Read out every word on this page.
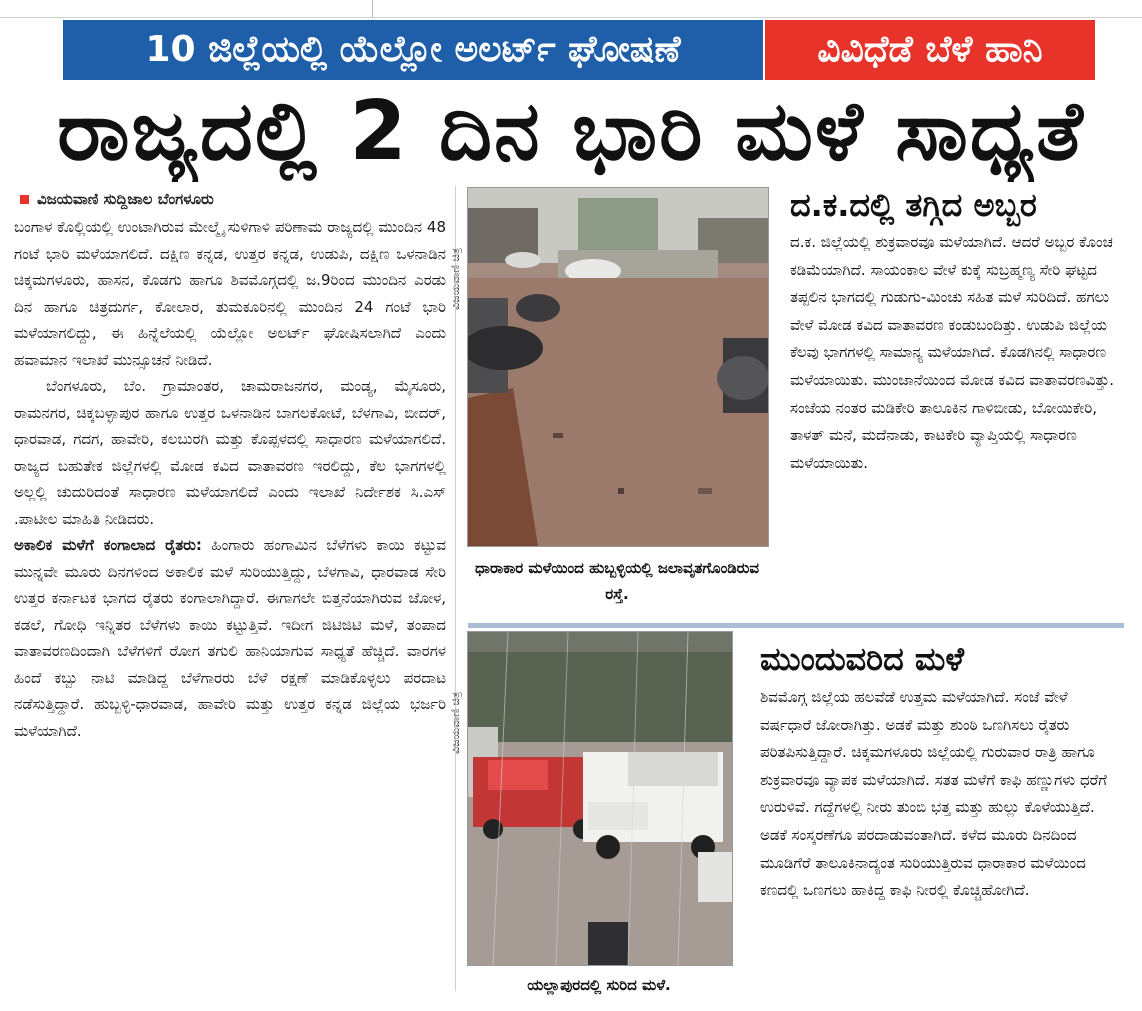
10 ಜಿಲ್ಲೆಯಲ್ಲಿ ಯೆಲ್ಲೋ ಅಲರ್ಟ್ ಘೋಷಣೆ	ವಿವಿಧೆಡೆ ಬೆಳೆ ಹಾನಿ
ರಾಜ್ಯದಲ್ಲಿ 2 ದಿನ ಭಾರಿ ಮಳೆ ಸಾಧ್ಯತೆ
ವಿಜಯವಾಣಿ ಸುದ್ದಿಜಾಲ ಬೆಂಗಳೂರು

ಬಂಗಾಳ ಕೊಲ್ಲಿಯಲ್ಲಿ ಉಂಟಾಗಿರುವ ಮೇಲ್ಮೈ ಸುಳಿಗಾಳಿ ಪರಿಣಾಮ ರಾಜ್ಯದಲ್ಲಿ ಮುಂದಿನ 48 ಗಂಟೆ ಭಾರಿ ಮಳೆಯಾಗಲಿದೆ. ದಕ್ಷಿಣ ಕನ್ನಡ, ಉತ್ತರ ಕನ್ನಡ, ಉಡುಪಿ, ದಕ್ಷಿಣ ಒಳನಾಡಿನ ಚಿಕ್ಕಮಗಳೂರು, ಹಾಸನ, ಕೊಡಗು ಹಾಗೂ ಶಿವಮೊಗ್ಗದಲ್ಲಿ ಜ.9ರಿಂದ ಮುಂದಿನ ಎರಡು ದಿನ ಹಾಗೂ ಚಿತ್ರದುರ್ಗ, ಕೋಲಾರ, ತುಮಕೂರಿನಲ್ಲಿ ಮುಂದಿನ 24 ಗಂಟೆ ಭಾರಿ ಮಳೆಯಾಗಲಿದ್ದು, ಈ ಹಿನ್ನೆಲೆಯಲ್ಲಿ ಯೆಲ್ಲೋ ಅಲರ್ಟ್ ಘೋಷಿಸಲಾಗಿದೆ ಎಂದು ಹವಾಮಾನ ಇಲಾಖೆ ಮುನ್ಸೂಚನೆ ನೀಡಿದೆ.

ಬೆಂಗಳೂರು, ಬೆಂ. ಗ್ರಾಮಾಂತರ, ಚಾಮರಾಜನಗರ, ಮಂಡ್ಯ, ಮೈಸೂರು, ರಾಮನಗರ, ಚಿಕ್ಕಬಳ್ಳಾಪುರ ಹಾಗೂ ಉತ್ತರ ಒಳನಾಡಿನ ಬಾಗಲಕೋಟೆ, ಬೆಳಗಾವಿ, ಬೀದರ್, ಧಾರವಾಡ, ಗದಗ, ಹಾವೇರಿ, ಕಲಬುರಗಿ ಮತ್ತು ಕೊಪ್ಪಳದಲ್ಲಿ ಸಾಧಾರಣ ಮಳೆಯಾಗಲಿದೆ. ರಾಜ್ಯದ ಬಹುತೇಕ ಜಿಲ್ಲೆಗಳಲ್ಲಿ ಮೋಡ ಕವಿದ ವಾತಾವರಣ ಇರಲಿದ್ದು, ಕೆಲ ಭಾಗಗಳಲ್ಲಿ ಅಲ್ಲಲ್ಲಿ ಚುದುರಿದಂತೆ ಸಾಧಾರಣ ಮಳೆಯಾಗಲಿದೆ ಎಂದು ಇಲಾಖೆ ನಿರ್ದೇಶಕ ಸಿ.ಎಸ್ .ಪಾಟೀಲ ಮಾಹಿತಿ ನೀಡಿದರು.

ಅಕಾಲಿಕ ಮಳೆಗೆ ಕಂಗಾಲಾದ ರೈತರು: ಹಿಂಗಾರು ಹಂಗಾಮಿನ ಬೆಳೆಗಳು ಕಾಯಿ ಕಟ್ಟುವ ಮುನ್ನವೇ ಮೂರು ದಿನಗಳಿಂದ ಅಕಾಲಿಕ ಮಳೆ ಸುರಿಯುತ್ತಿದ್ದು, ಬೆಳಗಾವಿ, ಧಾರವಾಡ ಸೇರಿ ಉತ್ತರ ಕರ್ನಾಟಕ ಭಾಗದ ರೈತರು ಕಂಗಾಲಾಗಿದ್ದಾರೆ. ಈಗಾಗಲೇ ಬಿತ್ತನೆಯಾಗಿರುವ ಜೋಳ, ಕಡಲೆ, ಗೋಧಿ ಇನ್ನಿತರ ಬೆಳೆಗಳು ಕಾಯಿ ಕಟ್ಟುತ್ತಿವೆ. ಇದೀಗ ಜಿಟಿಜಿಟಿ ಮಳೆ, ತಂಪಾದ ವಾತಾವರಣದಿಂದಾಗಿ ಬೆಳೆಗಳಿಗೆ ರೋಗ ತಗುಲಿ ಹಾನಿಯಾಗುವ ಸಾಧ್ಯತೆ ಹೆಚ್ಚಿದೆ. ವಾರಗಳ ಹಿಂದೆ ಕಬ್ಬು ನಾಟಿ ಮಾಡಿದ್ದ ಬೆಳೆಗಾರರು ಬೆಳೆ ರಕ್ಷಣೆ ಮಾಡಿಕೊಳ್ಳಲು ಪರದಾಟ ನಡೆಸುತ್ತಿದ್ದಾರೆ. ಹುಬ್ಬಳ್ಳಿ-ಧಾರವಾಡ, ಹಾವೇರಿ ಮತ್ತು ಉತ್ತರ ಕನ್ನಡ ಜಿಲ್ಲೆಯ ಭರ್ಜರಿ ಮಳೆಯಾಗಿದೆ.

ವಿಜಯವಾಣಿ ಚಿತ್ರ
ಧಾರಾಕಾರ ಮಳೆಯಿಂದ ಹುಬ್ಬಳ್ಳಿಯಲ್ಲಿ ಜಲಾವೃತಗೊಂಡಿರುವ ರಸ್ತೆ.
ದ.ಕ.ದಲ್ಲಿ ತಗ್ಗಿದ ಅಬ್ಬರ

ದ.ಕ. ಜಿಲ್ಲೆಯಲ್ಲಿ ಶುಕ್ರವಾರವೂ ಮಳೆಯಾಗಿದೆ. ಆದರೆ ಅಬ್ಬರ ಕೊಂಚ ಕಡಿಮೆಯಾಗಿದೆ. ಸಾಯಂಕಾಲ ವೇಳೆ ಕುಕ್ಕೆ ಸುಬ್ರಹ್ಮಣ್ಯ ಸೇರಿ ಘಟ್ಟದ ತಪ್ಪಲಿನ ಭಾಗದಲ್ಲಿ ಗುಡುಗು-ಮಿಂಚು ಸಹಿತ ಮಳೆ ಸುರಿದಿದೆ. ಹಗಲು ವೇಳೆ ಮೋಡ ಕವಿದ ವಾತಾವರಣ ಕಂಡುಬಂದಿತ್ತು. ಉಡುಪಿ ಜಿಲ್ಲೆಯ ಕೆಲವು ಭಾಗಗಳಲ್ಲಿ ಸಾಮಾನ್ಯ ಮಳೆಯಾಗಿದೆ. ಕೊಡಗಿನಲ್ಲಿ ಸಾಧಾರಣ ಮಳೆಯಾಯಿತು. ಮುಂಜಾನೆಯಿಂದ ಮೋಡ ಕವಿದ ವಾತಾವರಣವಿತ್ತು. ಸಂಜೆಯ ನಂತರ ಮಡಿಕೇರಿ ತಾಲೂಕಿನ ಗಾಳಿಬೀಡು, ಬೋಯಿಕೇರಿ, ತಾಳತ್ ಮನೆ, ಮದೆನಾಡು, ಕಾಟಕೇರಿ ವ್ಯಾಪ್ತಿಯಲ್ಲಿ ಸಾಧಾರಣ ಮಳೆಯಾಯಿತು.

ವಿಜಯವಾಣಿ ಚಿತ್ರ
ಯಲ್ಲಾಪುರದಲ್ಲಿ ಸುರಿದ ಮಳೆ.
ಮುಂದುವರಿದ ಮಳೆ

ಶಿವಮೊಗ್ಗ ಜಿಲ್ಲೆಯ ಹಲವೆಡೆ ಉತ್ತಮ ಮಳೆಯಾಗಿದೆ. ಸಂಜೆ ವೇಳೆ ವರ್ಷಧಾರೆ ಜೋರಾಗಿತ್ತು. ಅಡಕೆ ಮತ್ತು ಶುಂಠಿ ಒಣಗಿಸಲು ರೈತರು ಪರಿತಪಿಸುತ್ತಿದ್ದಾರೆ. ಚಿಕ್ಕಮಗಳೂರು ಜಿಲ್ಲೆಯಲ್ಲಿ ಗುರುವಾರ ರಾತ್ರಿ ಹಾಗೂ ಶುಕ್ರವಾರವೂ ವ್ಯಾಪಕ ಮಳೆಯಾಗಿದೆ. ಸತತ ಮಳೆಗೆ ಕಾಫಿ ಹಣ್ಣುಗಳು ಧರೆಗೆ ಉರುಳಿವೆ. ಗದ್ದೆಗಳಲ್ಲಿ ನೀರು ತುಂಬಿ ಭತ್ತ ಮತ್ತು ಹುಲ್ಲು ಕೊಳೆಯುತ್ತಿದೆ. ಅಡಕೆ ಸಂಸ್ಕರಣೆಗೂ ಪರದಾಡುವಂತಾಗಿದೆ. ಕಳೆದ ಮೂರು ದಿನದಿಂದ ಮೂಡಿಗೆರೆ ತಾಲೂಕಿನಾದ್ಯಂತ ಸುರಿಯುತ್ತಿರುವ ಧಾರಾಕಾರ ಮಳೆಯಿಂದ ಕಣದಲ್ಲಿ ಒಣಗಲು ಹಾಕಿದ್ದ ಕಾಫಿ ನೀರಲ್ಲಿ ಕೊಚ್ಚಿಹೋಗಿದೆ.
